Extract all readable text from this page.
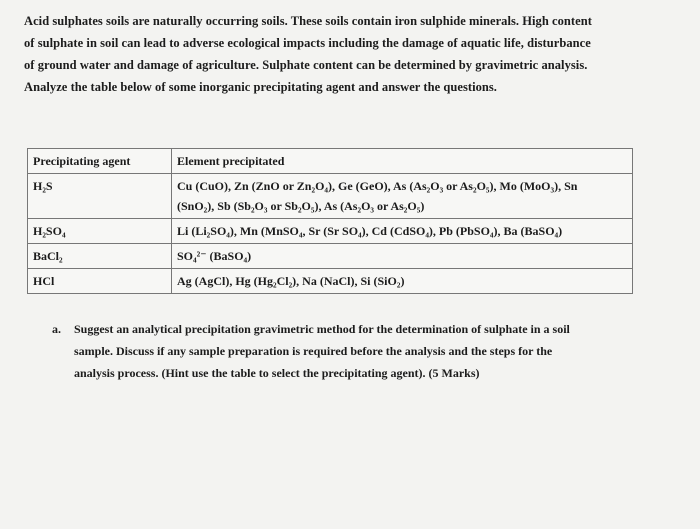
Acid sulphates soils are naturally occurring soils. These soils contain iron sulphide minerals. High content
of sulphate in soil can lead to adverse ecological impacts including the damage of aquatic life, disturbance
of ground water and damage of agriculture. Sulphate content can be determined by gravimetric analysis.
Analyze the table below of some inorganic precipitating agent and answer the questions.
Precipitating agent	Element precipitated
H₂S	Cu (CuO), Zn (ZnO or Zn₂O₄), Ge (GeO), As (As₂O₃ or As₂O₅), Mo (MoO₃), Sn
(SnO₂), Sb (Sb₂O₃ or Sb₂O₅), As (As₂O₃ or As₂O₅)

H₂SO₄	Li (Li₂SO₄), Mn (MnSO₄, Sr (Sr SO₄), Cd (CdSO₄), Pb (PbSO₄), Ba (BaSO₄)

BaCl₂	SO₄²⁻ (BaSO₄)

HCl	Ag (AgCl), Hg (Hg₂Cl₂), Na (NaCl), Si (SiO₂)
a. Suggest an analytical precipitation gravimetric method for the determination of sulphate in a soil
sample. Discuss if any sample preparation is required before the analysis and the steps for the
analysis process. (Hint use the table to select the precipitating agent). (5 Marks)
